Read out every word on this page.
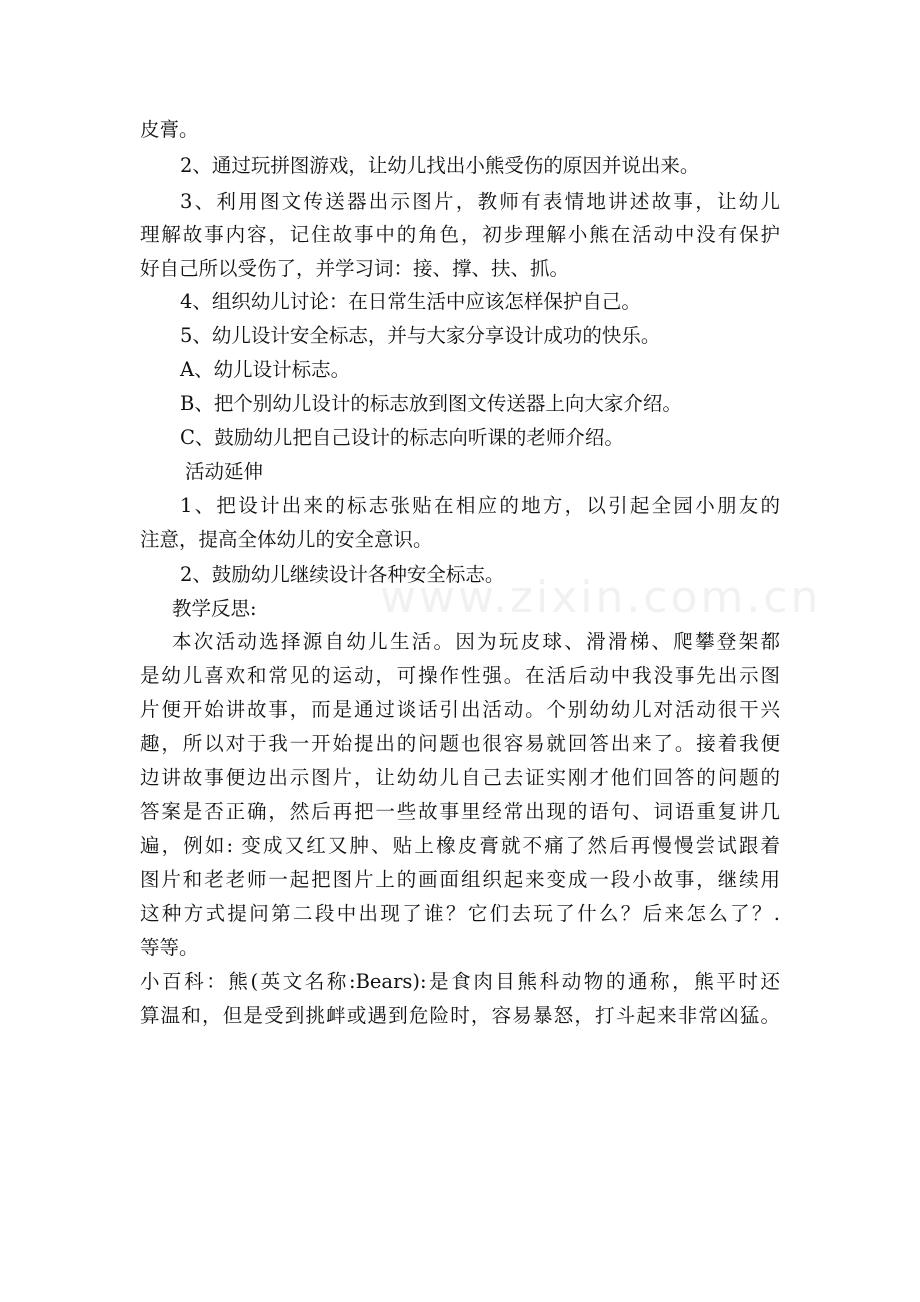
www.zixin.com.cn
皮膏。
2、通过玩拼图游戏，让幼儿找出小熊受伤的原因并说出来。
3、利用图文传送器出示图片，教师有表情地讲述故事，让幼儿
理解故事内容，记住故事中的角色，初步理解小熊在活动中没有保护
好自己所以受伤了，并学习词：接、撑、扶、抓。
4、组织幼儿讨论：在日常生活中应该怎样保护自己。
5、幼儿设计安全标志，并与大家分享设计成功的快乐。
A、幼儿设计标志。
B、把个别幼儿设计的标志放到图文传送器上向大家介绍。
C、鼓励幼儿把自己设计的标志向听课的老师介绍。
活动延伸
1、把设计出来的标志张贴在相应的地方，以引起全园小朋友的
注意，提高全体幼儿的安全意识。
2、鼓励幼儿继续设计各种安全标志。
教学反思:
本次活动选择源自幼儿生活。因为玩皮球、滑滑梯、爬攀登架都
是幼儿喜欢和常见的运动，可操作性强。在活后动中我没事先出示图
片便开始讲故事，而是通过谈话引出活动。个别幼幼儿对活动很干兴
趣，所以对于我一开始提出的问题也很容易就回答出来了。接着我便
边讲故事便边出示图片，让幼幼儿自己去证实刚才他们回答的问题的
答案是否正确，然后再把一些故事里经常出现的语句、词语重复讲几
遍，例如: 变成又红又肿、贴上橡皮膏就不痛了然后再慢慢尝试跟着
图片和老老师一起把图片上的画面组织起来变成一段小故事，继续用
这种方式提问第二段中出现了谁？它们去玩了什么？后来怎么了？.
等等。
小百科：熊(英文名称:Bears):是食肉目熊科动物的通称，熊平时还
算温和，但是受到挑衅或遇到危险时，容易暴怒，打斗起来非常凶猛。
